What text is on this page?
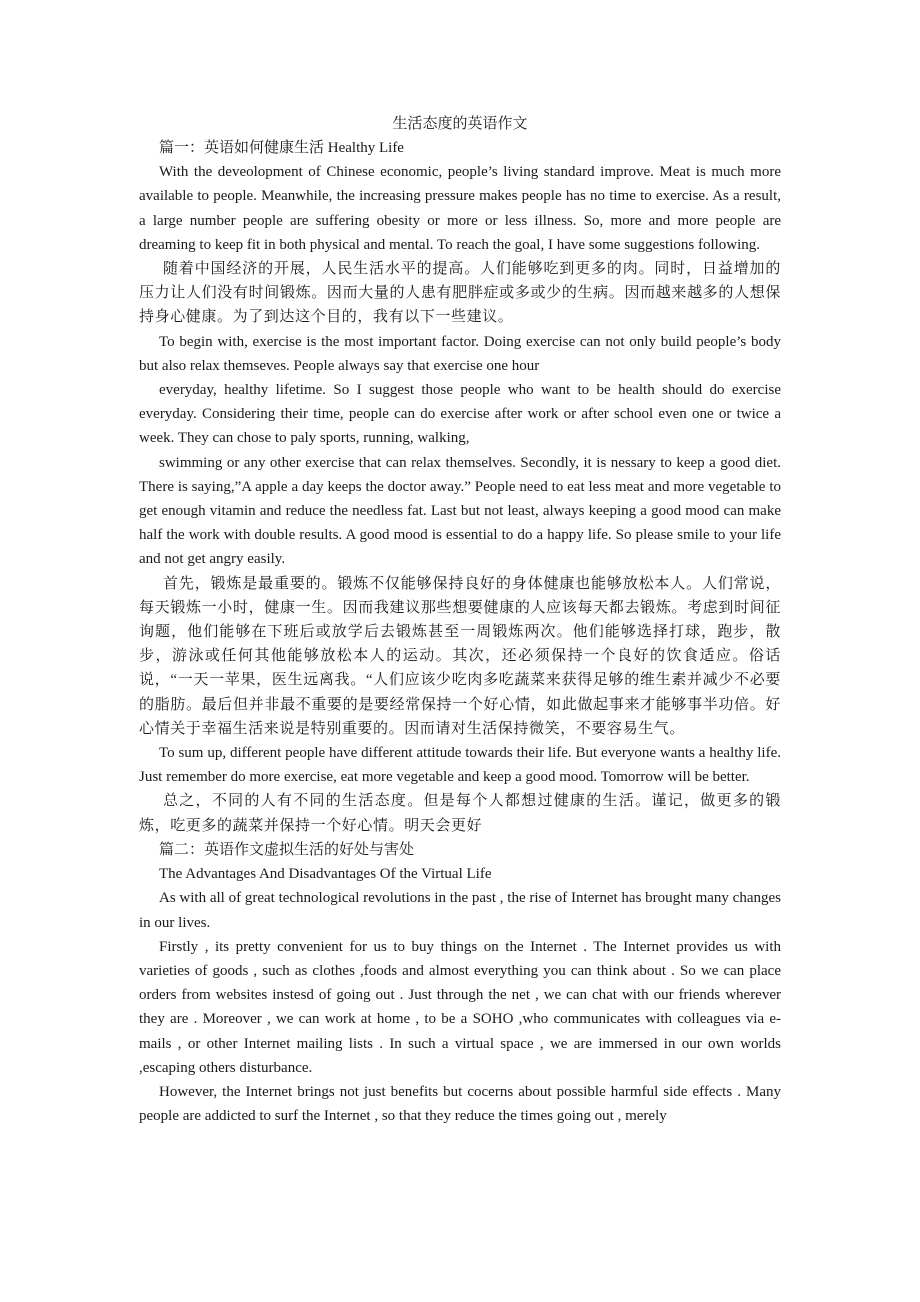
生活态度的英语作文

篇一：英语如何健康生活 Healthy Life

With the deveolopment of Chinese economic, people’s living standard improve. Meat is much more available to people. Meanwhile, the increasing pressure makes people has no time to exercise. As a result, a large number people are suffering obesity or more or less illness. So, more and more people are dreaming to keep fit in both physical and mental. To reach the goal, I have some suggestions following.

随着中国经济的开展，人民生活水平的提高。人们能够吃到更多的肉。同时，日益增加的压力让人们没有时间锻炼。因而大量的人患有肥胖症或多或少的生病。因而越来越多的人想保持身心健康。为了到达这个目的，我有以下一些建议。

To begin with, exercise is the most important factor. Doing exercise can not only build people’s body but also relax themseves. People always say that exercise one hour

everyday, healthy lifetime. So I suggest those people who want to be health should do exercise everyday. Considering their time, people can do exercise after work or after school even one or twice a week. They can chose to paly sports, running, walking,

swimming or any other exercise that can relax themselves. Secondly, it is nessary to keep a good diet. There is saying,”A apple a day keeps the doctor away.” People need to eat less meat and more vegetable to get enough vitamin and reduce the needless fat. Last but not least, always keeping a good mood can make half the work with double results. A good mood is essential to do a happy life. So please smile to your life and not get angry easily.

首先，锻炼是最重要的。锻炼不仅能够保持良好的身体健康也能够放松本人。人们常说，每天锻炼一小时，健康一生。因而我建议那些想要健康的人应该每天都去锻炼。考虑到时间征询题，他们能够在下班后或放学后去锻炼甚至一周锻炼两次。他们能够选择打球，跑步，散步，游泳或任何其他能够放松本人的运动。其次，还必须保持一个良好的饮食适应。俗话说，“一天一苹果，医生远离我。“人们应该少吃肉多吃蔬菜来获得足够的维生素并减少不必要的脂肪。最后但并非最不重要的是要经常保持一个好心情，如此做起事来才能够事半功倍。好心情关于幸福生活来说是特别重要的。因而请对生活保持微笑，不要容易生气。

To sum up, different people have different attitude towards their life. But everyone wants a healthy life. Just remember do more exercise, eat more vegetable and keep a good mood. Tomorrow will be better.

总之，不同的人有不同的生活态度。但是每个人都想过健康的生活。谨记，做更多的锻炼，吃更多的蔬菜并保持一个好心情。明天会更好

篇二：英语作文虚拟生活的好处与害处

The Advantages And Disadvantages Of the Virtual Life

As with all of great technological revolutions in the past , the rise of Internet has brought many changes in our lives.

Firstly , its pretty convenient for us to buy things on the Internet . The Internet provides us with varieties of goods , such as clothes ,foods and almost everything you can think about . So we can place orders from websites instesd of going out . Just through the net , we can chat with our friends wherever they are . Moreover , we can work at home , to be a SOHO ,who communicates with colleagues via e-mails , or other Internet mailing lists . In such a virtual space , we are immersed in our own worlds ,escaping others disturbance.

However, the Internet brings not just benefits but cocerns about possible harmful side effects . Many people are addicted to surf the Internet , so that they reduce the times going out , merely
